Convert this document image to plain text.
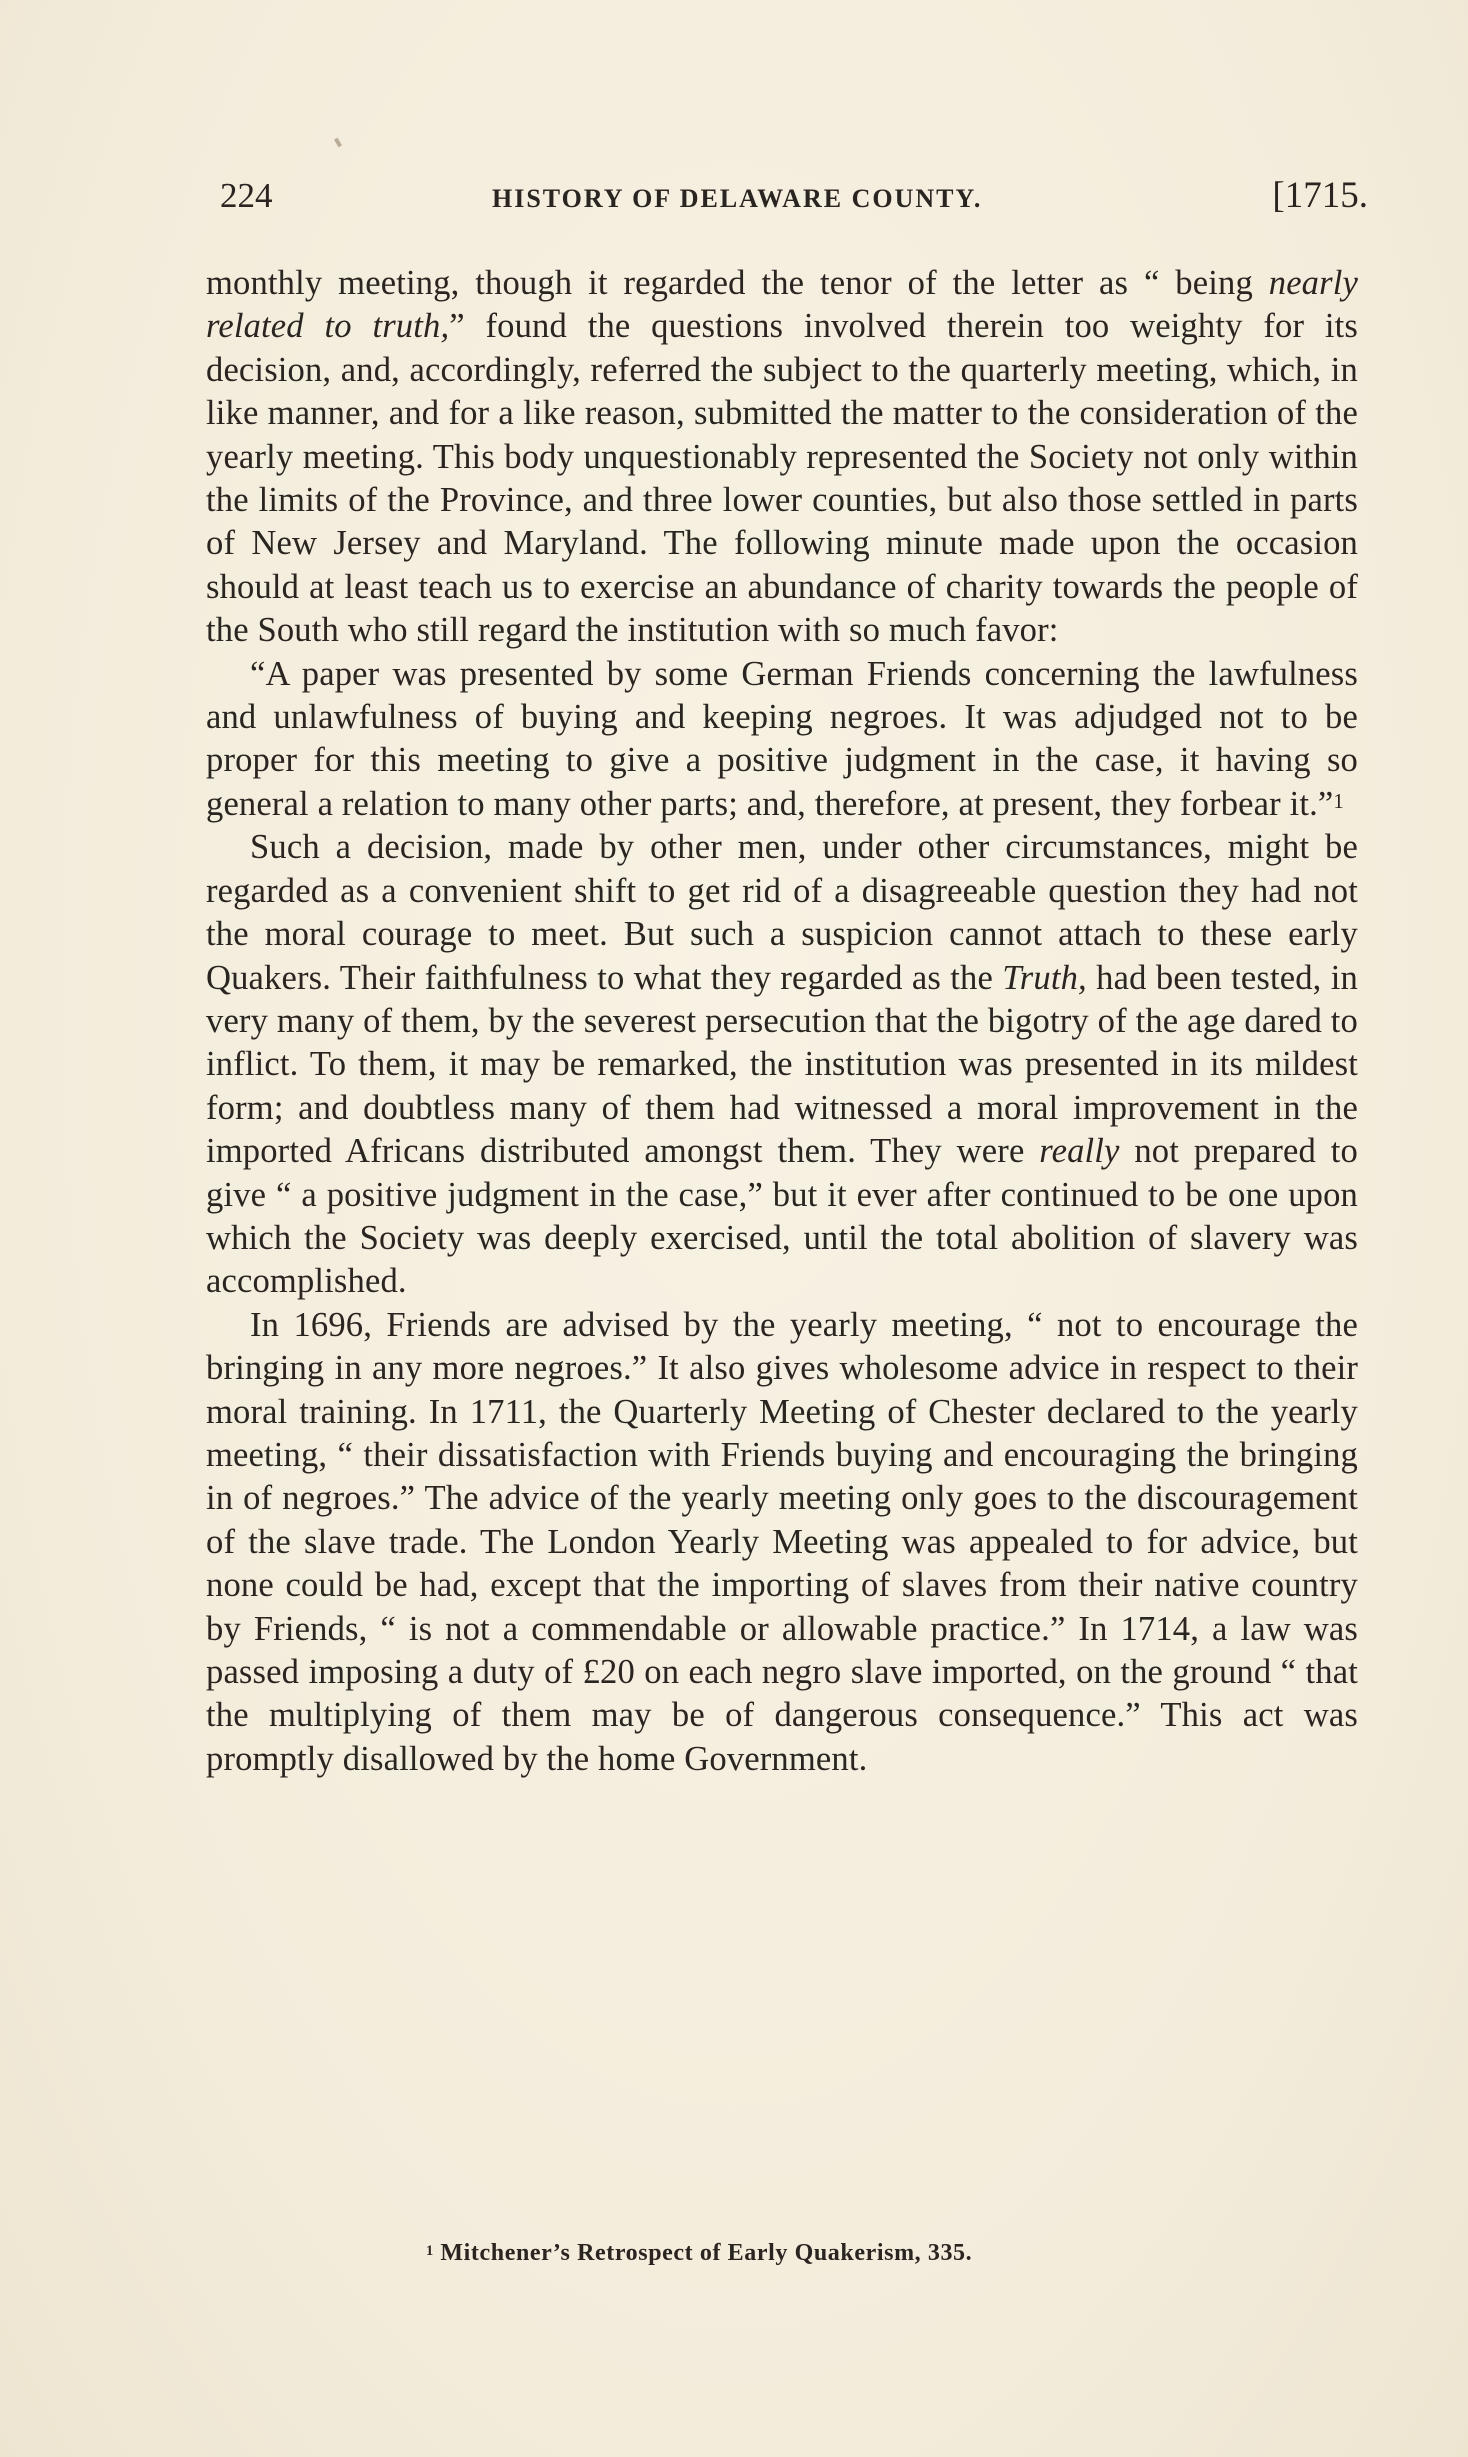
224	HISTORY OF DELAWARE COUNTY.	[1715.

monthly meeting, though it regarded the tenor of the letter as “ being nearly related to truth,” found the questions involved therein too weighty for its decision, and, accordingly, referred the subject to the quarterly meeting, which, in like manner, and for a like reason, submitted the matter to the consideration of the yearly meeting. This body unquestionably represented the Society not only within the limits of the Province, and three lower counties, but also those settled in parts of New Jersey and Maryland. The following minute made upon the occasion should at least teach us to exercise an abundance of charity towards the people of the South who still regard the institution with so much favor:

“A paper was presented by some German Friends concerning the lawfulness and unlawfulness of buying and keeping negroes. It was adjudged not to be proper for this meeting to give a positive judgment in the case, it having so general a relation to many other parts; and, therefore, at present, they forbear it.”$^1$

Such a decision, made by other men, under other circumstances, might be regarded as a convenient shift to get rid of a disagreeable question they had not the moral courage to meet. But such a suspicion cannot attach to these early Quakers. Their faithfulness to what they regarded as the Truth, had been tested, in very many of them, by the severest persecution that the bigotry of the age dared to inflict. To them, it may be remarked, the institution was presented in its mildest form; and doubtless many of them had witnessed a moral improvement in the imported Africans distributed amongst them. They were really not prepared to give “ a positive judgment in the case,” but it ever after continued to be one upon which the Society was deeply exercised, until the total abolition of slavery was accomplished.

In 1696, Friends are advised by the yearly meeting, “ not to encourage the bringing in any more negroes.” It also gives wholesome advice in respect to their moral training. In 1711, the Quarterly Meeting of Chester declared to the yearly meeting, “ their dissatisfaction with Friends buying and encouraging the bringing in of negroes.” The advice of the yearly meeting only goes to the discouragement of the slave trade. The London Yearly Meeting was appealed to for advice, but none could be had, except that the importing of slaves from their native country by Friends, “ is not a commendable or allowable practice.” In 1714, a law was passed imposing a duty of £20 on each negro slave imported, on the ground “ that the multiplying of them may be of dangerous consequence.” This act was promptly disallowed by the home Government.

$^1$ Mitchener’s Retrospect of Early Quakerism, 335.
